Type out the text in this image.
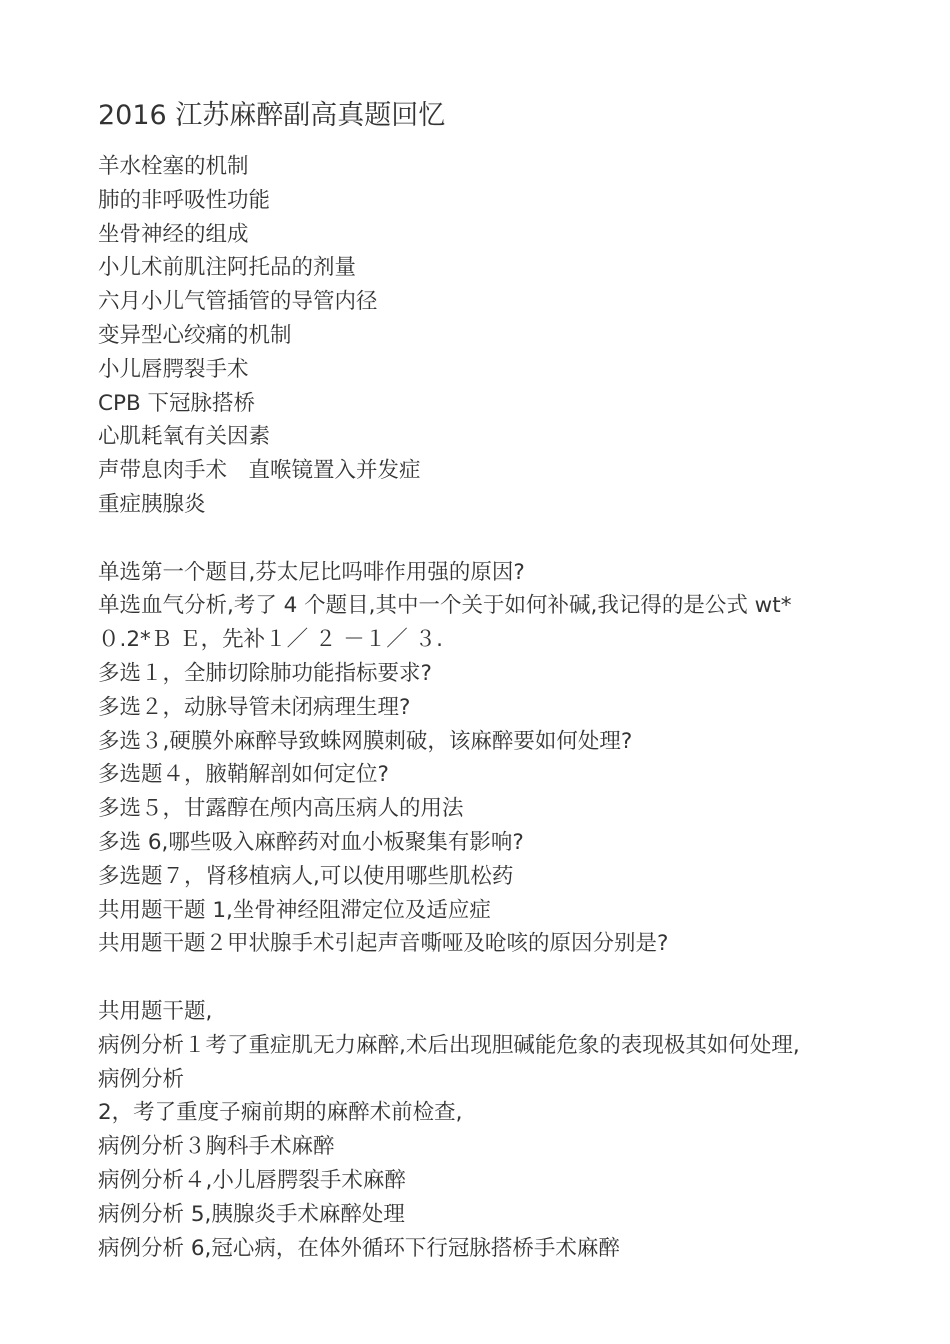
2016 江苏麻醉副高真题回忆
羊水栓塞的机制
肺的非呼吸性功能
坐骨神经的组成
小儿术前肌注阿托品的剂量
六月小儿气管插管的导管内径
变异型心绞痛的机制
小儿唇腭裂手术
CPB 下冠脉搭桥
心肌耗氧有关因素
声带息肉手术　直喉镜置入并发症
重症胰腺炎
单选第一个题目,芬太尼比吗啡作用强的原因?
单选血气分析,考了 4 个题目,其中一个关于如何补碱,我记得的是公式 wt*
０.2*Ｂ Ｅ，先补１／ ２ －１／ ３.
多选１，全肺切除肺功能指标要求?
多选２，动脉导管未闭病理生理?
多选３,硬膜外麻醉导致蛛网膜刺破，该麻醉要如何处理?
多选题４，腋鞘解剖如何定位?
多选５，甘露醇在颅内高压病人的用法
多选 6,哪些吸入麻醉药对血小板聚集有影响?
多选题７，肾移植病人,可以使用哪些肌松药
共用题干题 1,坐骨神经阻滞定位及适应症
共用题干题２甲状腺手术引起声音嘶哑及呛咳的原因分别是?
共用题干题,
病例分析１考了重症肌无力麻醉,术后出现胆碱能危象的表现极其如何处理,
病例分析
2，考了重度子痫前期的麻醉术前检查,
病例分析３胸科手术麻醉
病例分析４,小儿唇腭裂手术麻醉
病例分析 5,胰腺炎手术麻醉处理
病例分析 6,冠心病，在体外循环下行冠脉搭桥手术麻醉
